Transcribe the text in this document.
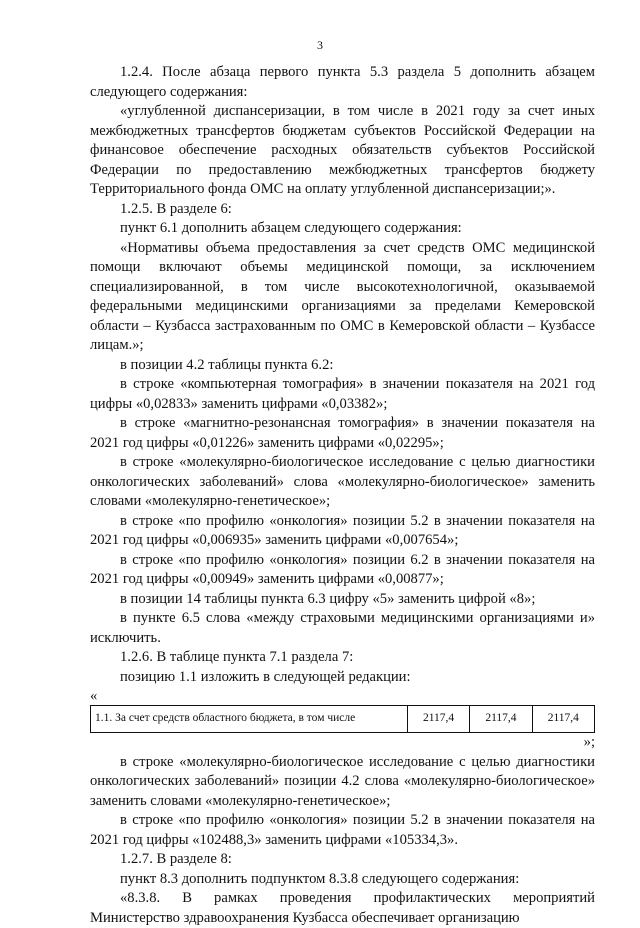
3

1.2.4. После абзаца первого пункта 5.3 раздела 5 дополнить абзацем следующего содержания:

«углубленной диспансеризации, в том числе в 2021 году за счет иных межбюджетных трансфертов бюджетам субъектов Российской Федерации на финансовое обеспечение расходных обязательств субъектов Российской Федерации по предоставлению межбюджетных трансфертов бюджету Территориального фонда ОМС на оплату углубленной диспансеризации;».

1.2.5. В разделе 6:

пункт 6.1 дополнить абзацем следующего содержания:

«Нормативы объема предоставления за счет средств ОМС медицинской помощи включают объемы медицинской помощи, за исключением специализированной, в том числе высокотехнологичной, оказываемой федеральными медицинскими организациями за пределами Кемеровской области – Кузбасса застрахованным по ОМС в Кемеровской области – Кузбассе лицам.»;

в позиции 4.2 таблицы пункта 6.2:

в строке «компьютерная томография» в значении показателя на 2021 год цифры «0,02833» заменить цифрами «0,03382»;

в строке «магнитно-резонансная томография» в значении показателя на 2021 год цифры «0,01226» заменить цифрами «0,02295»;

в строке «молекулярно-биологическое исследование с целью диагностики онкологических заболеваний» слова «молекулярно-биологическое» заменить словами «молекулярно-генетическое»;

в строке «по профилю «онкология» позиции 5.2 в значении показателя на 2021 год цифры «0,006935» заменить цифрами «0,007654»;

в строке «по профилю «онкология» позиции 6.2 в значении показателя на 2021 год цифры «0,00949» заменить цифрами «0,00877»;

в позиции 14 таблицы пункта 6.3 цифру «5» заменить цифрой «8»;

в пункте 6.5 слова «между страховыми медицинскими организациями и» исключить.

1.2.6. В таблице пункта 7.1 раздела 7:

позицию 1.1 изложить в следующей редакции:

«

1.1. За счет средств областного бюджета, в том числе	2117,4	2117,4	2117,4

»;

в строке «молекулярно-биологическое исследование с целью диагностики онкологических заболеваний» позиции 4.2 слова «молекулярно-биологическое» заменить словами «молекулярно-генетическое»;

в строке «по профилю «онкология» позиции 5.2 в значении показателя на 2021 год цифры «102488,3» заменить цифрами «105334,3».

1.2.7. В разделе 8:

пункт 8.3 дополнить подпунктом 8.3.8 следующего содержания:

«8.3.8. В рамках проведения профилактических мероприятий Министерство здравоохранения Кузбасса обеспечивает организацию
